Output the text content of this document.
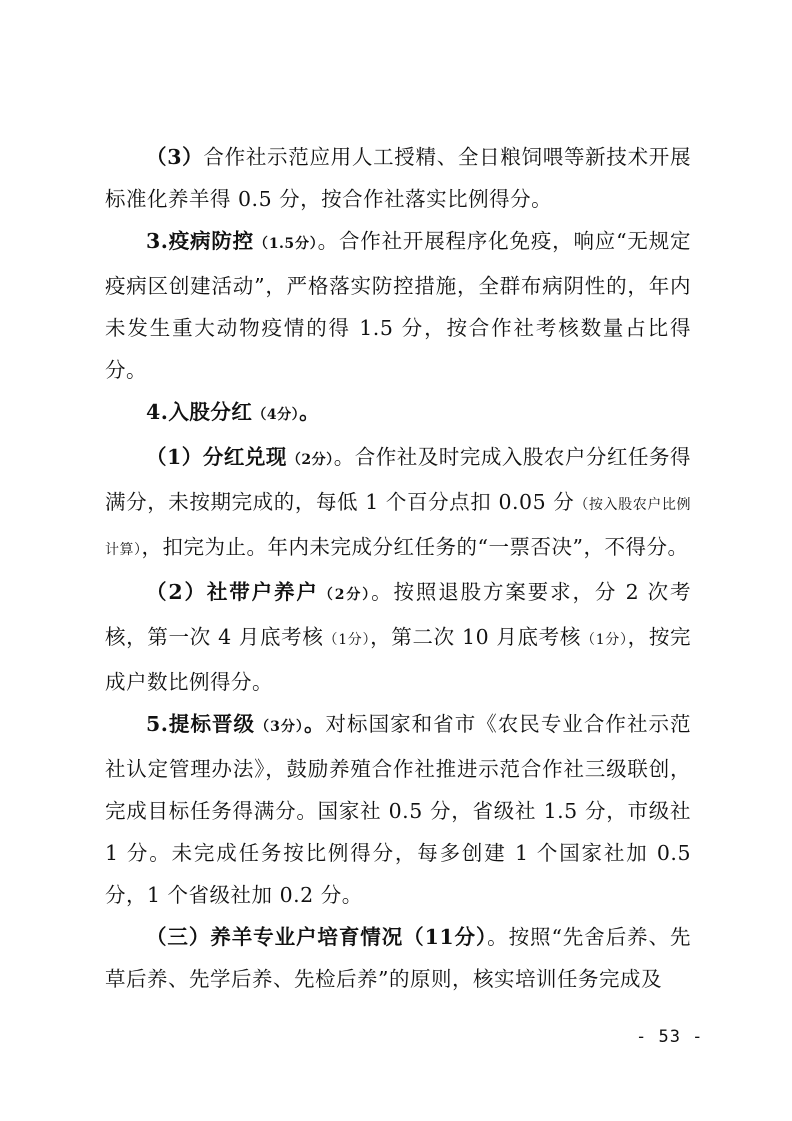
（3）合作社示范应用人工授精、全日粮饲喂等新技术开展标准化养羊得 0.5 分，按合作社落实比例得分。

3.疫病防控（1.5分）。合作社开展程序化免疫，响应“无规定疫病区创建活动”，严格落实防控措施，全群布病阴性的，年内未发生重大动物疫情的得 1.5 分，按合作社考核数量占比得分。

4.入股分红（4分）。

（1）分红兑现（2分）。合作社及时完成入股农户分红任务得满分，未按期完成的，每低 1 个百分点扣 0.05 分（按入股农户比例计算），扣完为止。年内未完成分红任务的“一票否决”，不得分。

（2）社带户养户（2分）。按照退股方案要求，分 2 次考核，第一次 4 月底考核（1分），第二次 10 月底考核（1分），按完成户数比例得分。

5.提标晋级（3分）。对标国家和省市《农民专业合作社示范社认定管理办法》，鼓励养殖合作社推进示范合作社三级联创，完成目标任务得满分。国家社 0.5 分，省级社 1.5 分，市级社 1 分。未完成任务按比例得分，每多创建 1 个国家社加 0.5 分，1 个省级社加 0.2 分。

（三）养羊专业户培育情况（11分）。按照“先舍后养、先草后养、先学后养、先检后养”的原则，核实培训任务完成及

- 53 -
